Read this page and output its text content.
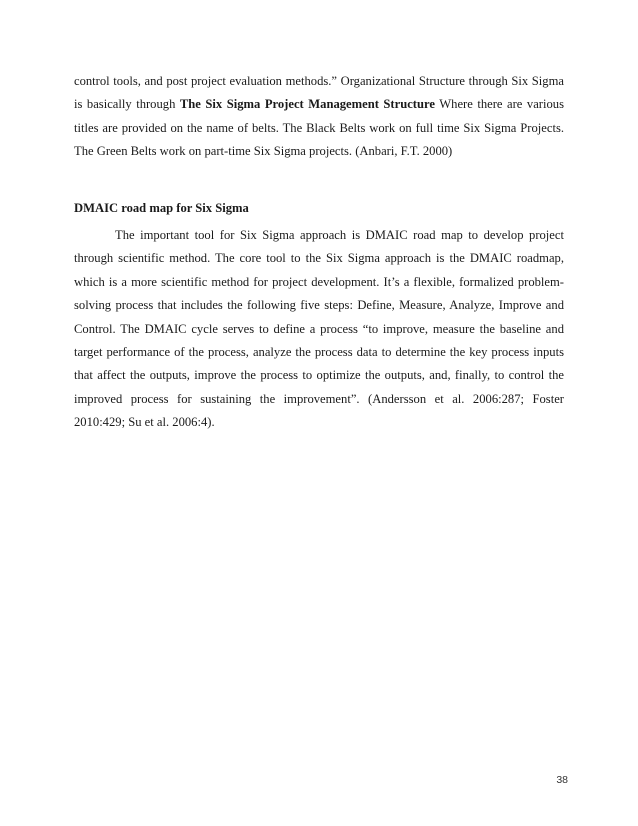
control tools, and post project evaluation methods.” Organizational Structure through Six Sigma is basically through The Six Sigma Project Management Structure Where there are various titles are provided on the name of belts. The Black Belts work on full time Six Sigma Projects. The Green Belts work on part-time Six Sigma projects. (Anbari, F.T. 2000)

DMAIC road map for Six Sigma

The important tool for Six Sigma approach is DMAIC road map to develop project through scientific method. The core tool to the Six Sigma approach is the DMAIC roadmap, which is a more scientific method for project development. It’s a flexible, formalized problem-solving process that includes the following five steps: Define, Measure, Analyze, Improve and Control. The DMAIC cycle serves to define a process “to improve, measure the baseline and target performance of the process, analyze the process data to determine the key process inputs that affect the outputs, improve the process to optimize the outputs, and, finally, to control the improved process for sustaining the improvement”. (Andersson et al. 2006:287; Foster 2010:429; Su et al. 2006:4).

38
